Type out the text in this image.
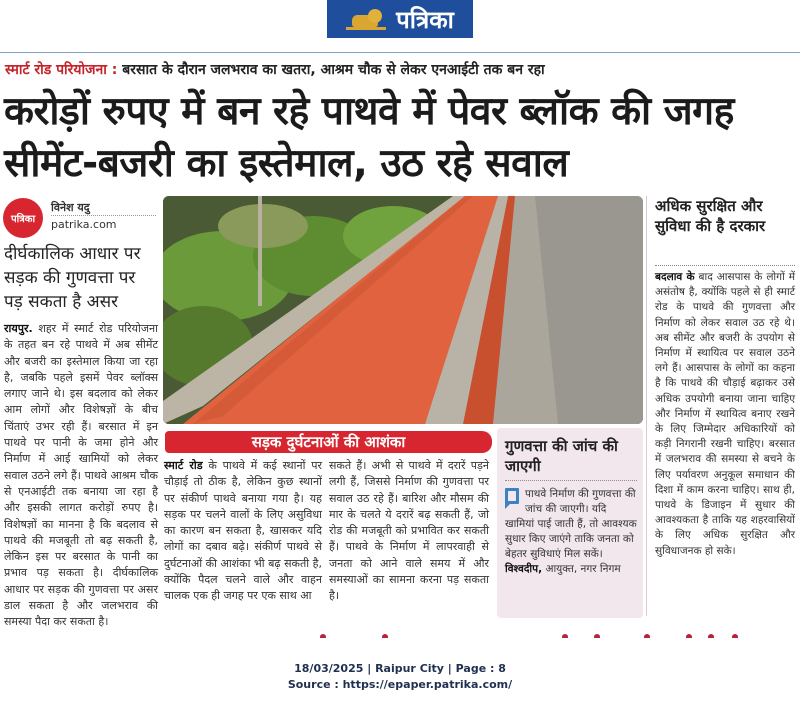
पत्रिका
स्मार्ट रोड परियोजना : बरसात के दौरान जलभराव का खतरा, आश्रम चौक से लेकर एनआईटी तक बन रहा
करोड़ों रुपए में बन रहे पाथवे में पेवर ब्लॉक की जगह सीमेंट-बजरी का इस्तेमाल, उठ रहे सवाल
पत्रिका
विनेश यदु
patrika.com
दीर्घकालिक आधार पर सड़क की गुणवत्ता पर पड़ सकता है असर
रायपुर. शहर में स्मार्ट रोड परियोजना के तहत बन रहे पाथवे में अब सीमेंट और बजरी का इस्तेमाल किया जा रहा है, जबकि पहले इसमें पेवर ब्लॉक्स लगाए जाने थे। इस बदलाव को लेकर आम लोगों और विशेषज्ञों के बीच चिंताएं उभर रही हैं। बरसात में इन पाथवे पर पानी के जमा होने और निर्माण में आई खामियों को लेकर सवाल उठने लगे हैं। पाथवे आश्रम चौक से एनआईटी तक बनाया जा रहा है और इसकी लागत करोड़ों रुपए है। विशेषज्ञों का मानना है कि बदलाव से पाथवे की मजबूती तो बढ़ सकती है, लेकिन इस पर बरसात के पानी का प्रभाव पड़ सकता है। दीर्घकालिक आधार पर सड़क की गुणवत्ता पर असर डाल सकता है और जलभराव की समस्या पैदा कर सकता है।
सड़क दुर्घटनाओं की आशंका
स्मार्ट रोड के पाथवे में कई स्थानों पर चौड़ाई तो ठीक है, लेकिन कुछ स्थानों पर संकीर्ण पाथवे बनाया गया है। यह सड़क पर चलने वालों के लिए असुविधा का कारण बन सकता है, खासकर यदि लोगों का दबाव बढ़े। संकीर्ण पाथवे से दुर्घटनाओं की आशंका भी बढ़ सकती है, क्योंकि पैदल चलने वाले और वाहन चालक एक ही जगह पर एक साथ आ
सकते हैं। अभी से पाथवे में दरारें पड़ने लगी हैं, जिससे निर्माण की गुणवत्ता पर सवाल उठ रहे हैं। बारिश और मौसम की मार के चलते ये दरारें बढ़ सकती हैं, जो रोड की मजबूती को प्रभावित कर सकती हैं। पाथवे के निर्माण में लापरवाही से जनता को आने वाले समय में और समस्याओं का सामना करना पड़ सकता है।
गुणवत्ता की जांच की जाएगी
पाथवे निर्माण की गुणवत्ता की जांच की जाएगी। यदि खामियां पाई जाती हैं, तो आवश्यक सुधार किए जाएंगे ताकि जनता को बेहतर सुविधाएं मिल सकें।
विश्वदीप, आयुक्त, नगर निगम
अधिक सुरक्षित और सुविधा की है दरकार
बदलाव के बाद आसपास के लोगों में असंतोष है, क्योंकि पहले से ही स्मार्ट रोड के पाथवे की गुणवत्ता और निर्माण को लेकर सवाल उठ रहे थे। अब सीमेंट और बजरी के उपयोग से निर्माण में स्थायित्व पर सवाल उठने लगे हैं। आसपास के लोगों का कहना है कि पाथवे की चौड़ाई बढ़ाकर उसे अधिक उपयोगी बनाया जाना चाहिए और निर्माण में स्थायित्व बनाए रखने के लिए जिम्मेदार अधिकारियों को कड़ी निगरानी रखनी चाहिए। बरसात में जलभराव की समस्या से बचने के लिए पर्यावरण अनुकूल समाधान की दिशा में काम करना चाहिए। साथ ही, पाथवे के डिजाइन में सुधार की आवश्यकता है ताकि यह शहरवासियों के लिए अधिक सुरक्षित और सुविधाजनक हो सके।
18/03/2025 | Raipur City | Page : 8
Source : https://epaper.patrika.com/
